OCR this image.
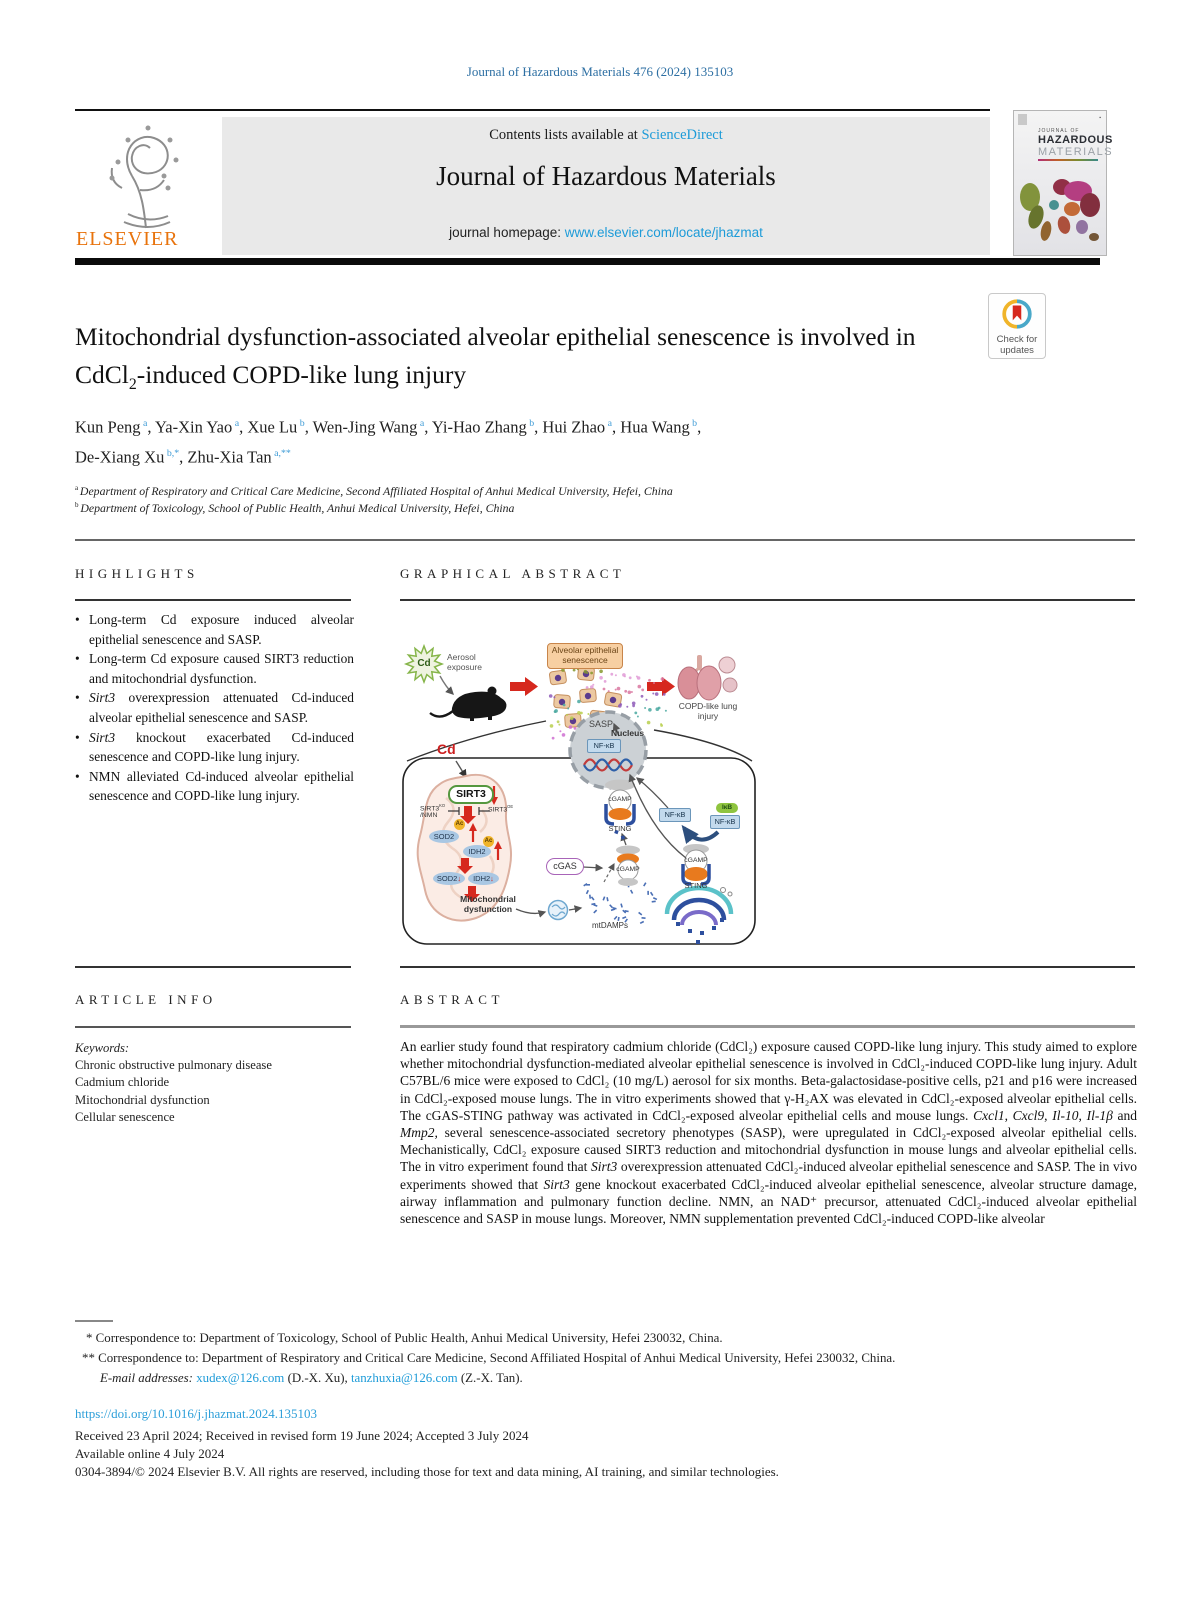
Journal of Hazardous Materials 476 (2024) 135103
ELSEVIER
Contents lists available at ScienceDirect
Journal of Hazardous Materials
journal homepage: www.elsevier.com/locate/jhazmat
▪
JOURNAL OF
HAZARDOUS
MATERIALS
Mitochondrial dysfunction-associated alveolar epithelial senescence is involved in CdCl$_2$-induced COPD-like lung injury
Check for
updates
Kun Peng $^a$, Ya-Xin Yao $^a$, Xue Lu $^b$, Wen-Jing Wang $^a$, Yi-Hao Zhang $^b$, Hui Zhao $^a$, Hua Wang $^b$,
De-Xiang Xu $^{b,*}$, Zhu-Xia Tan $^{a,**}$
$^a$ Department of Respiratory and Critical Care Medicine, Second Affiliated Hospital of Anhui Medical University, Hefei, China
$^b$ Department of Toxicology, School of Public Health, Anhui Medical University, Hefei, China
HIGHLIGHTS	GRAPHICAL ABSTRACT
• Long-term Cd exposure induced alveolar epithelial senescence and SASP.
• Long-term Cd exposure caused SIRT3 reduction and mitochondrial dysfunction.
• Sirt3 overexpression attenuated Cd-induced alveolar epithelial senescence and SASP.
• Sirt3 knockout exacerbated Cd-induced senescence and COPD-like lung injury.
• NMN alleviated Cd-induced alveolar epithelial senescence and COPD-like lung injury.
Cd
Aerosol exposure
Alveolar epithelial senescence
SASP
COPD-like lung injury
Cd
SIRT3
$SIRT3^{KO}$
/NMN
$SIRT3^{OE}$
Ac
Ac
SOD2
IDH2
SOD2↓	IDH2↓
Mitochondrial dysfunction
cGAS
cGAMP
STING
cGAMP
cGAMP
STING
mtDAMPs
Nucleus
NF-κB
NF-κB
IκB
NF-κB
ARTICLE INFO	ABSTRACT
Keywords:
Chronic obstructive pulmonary disease
Cadmium chloride
Mitochondrial dysfunction
Cellular senescence
An earlier study found that respiratory cadmium chloride (CdCl₂) exposure caused COPD-like lung injury. This study aimed to explore whether mitochondrial dysfunction-mediated alveolar epithelial senescence is involved in CdCl₂-induced COPD-like lung injury. Adult C57BL/6 mice were exposed to CdCl₂ (10 mg/L) aerosol for six months. Beta-galactosidase-positive cells, p21 and p16 were increased in CdCl₂-exposed mouse lungs. The in vitro experiments showed that γ-H₂AX was elevated in CdCl₂-exposed alveolar epithelial cells. The cGAS-STING pathway was activated in CdCl₂-exposed alveolar epithelial cells and mouse lungs. Cxcl1, Cxcl9, Il-10, Il-1β and Mmp2, several senescence-associated secretory phenotypes (SASP), were upregulated in CdCl₂-exposed alveolar epithelial cells. Mechanistically, CdCl₂ exposure caused SIRT3 reduction and mitochondrial dysfunction in mouse lungs and alveolar epithelial cells. The in vitro experiment found that Sirt3 overexpression attenuated CdCl₂-induced alveolar epithelial senescence and SASP. The in vivo experiments showed that Sirt3 gene knockout exacerbated CdCl₂-induced alveolar epithelial senescence, alveolar structure damage, airway inflammation and pulmonary function decline. NMN, an NAD⁺ precursor, attenuated CdCl₂-induced alveolar epithelial senescence and SASP in mouse lungs. Moreover, NMN supplementation prevented CdCl₂-induced COPD-like alveolar
* Correspondence to: Department of Toxicology, School of Public Health, Anhui Medical University, Hefei 230032, China.
** Correspondence to: Department of Respiratory and Critical Care Medicine, Second Affiliated Hospital of Anhui Medical University, Hefei 230032, China.
E-mail addresses: xudex@126.com (D.-X. Xu), tanzhuxia@126.com (Z.-X. Tan).
https://doi.org/10.1016/j.jhazmat.2024.135103
Received 23 April 2024; Received in revised form 19 June 2024; Accepted 3 July 2024
Available online 4 July 2024
0304-3894/© 2024 Elsevier B.V. All rights are reserved, including those for text and data mining, AI training, and similar technologies.
